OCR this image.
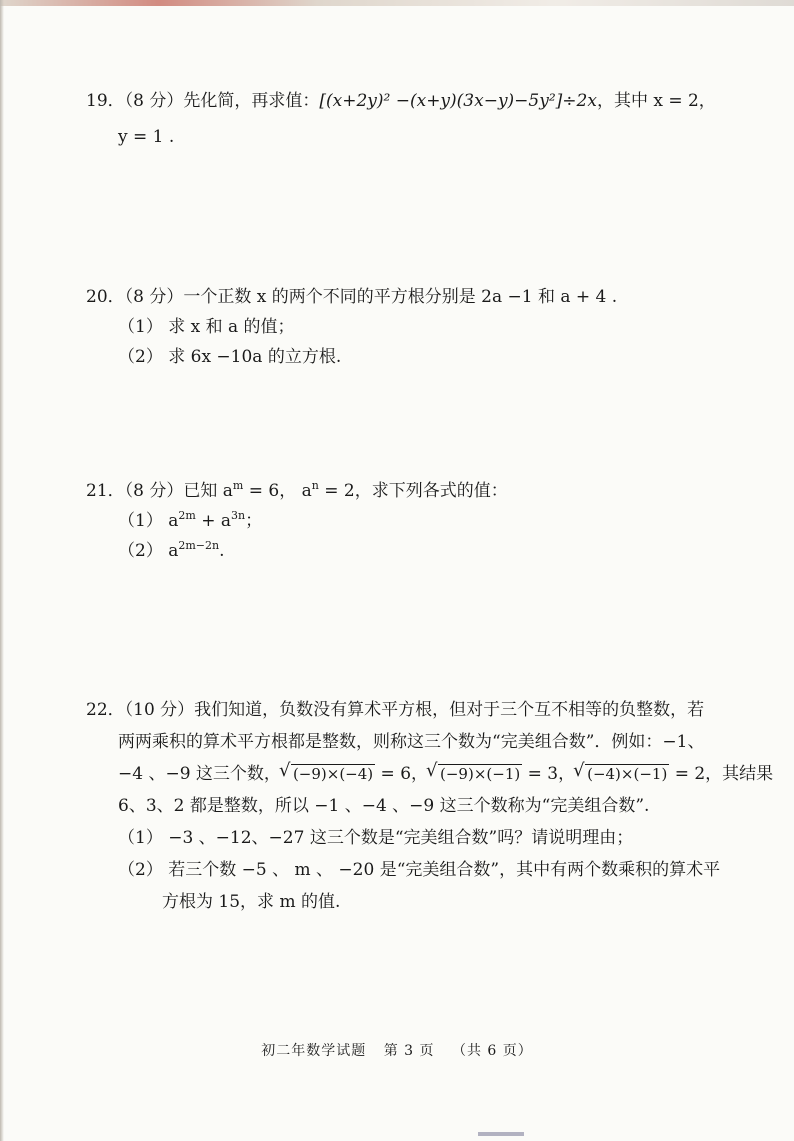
19．（8 分）先化简，再求值：[(x+2y)² −(x+y)(3x−y)−5y²]÷2x，其中 x = 2，
y = 1 .
20．（8 分）一个正数 x 的两个不同的平方根分别是 2a −1 和 a + 4 .
（1） 求 x 和 a 的值；
（2） 求 6x −10a 的立方根.
21．（8 分）已知 $a^m = 6$， $a^n = 2$，求下列各式的值：
（1） $a^{2m} + a^{3n}$；
（2） $a^{2m-2n}$.
22．（10 分）我们知道，负数没有算术平方根，但对于三个互不相等的负整数，若
两两乘积的算术平方根都是整数，则称这三个数为“完美组合数”．例如：−1、
−4 、−9 这三个数， √ (−9)×(−4) = 6， √ (−9)×(−1) = 3， √ (−4)×(−1) = 2，其结果
6、3、2 都是整数，所以 −1 、−4 、−9 这三个数称为“完美组合数”.
（1） −3 、−12、−27 这三个数是“完美组合数”吗？请说明理由；
（2） 若三个数 −5 、 m 、 −20 是“完美组合数”，其中有两个数乘积的算术平
方根为 15，求 m 的值.
初二年数学试题 第 3 页 （共 6 页）
